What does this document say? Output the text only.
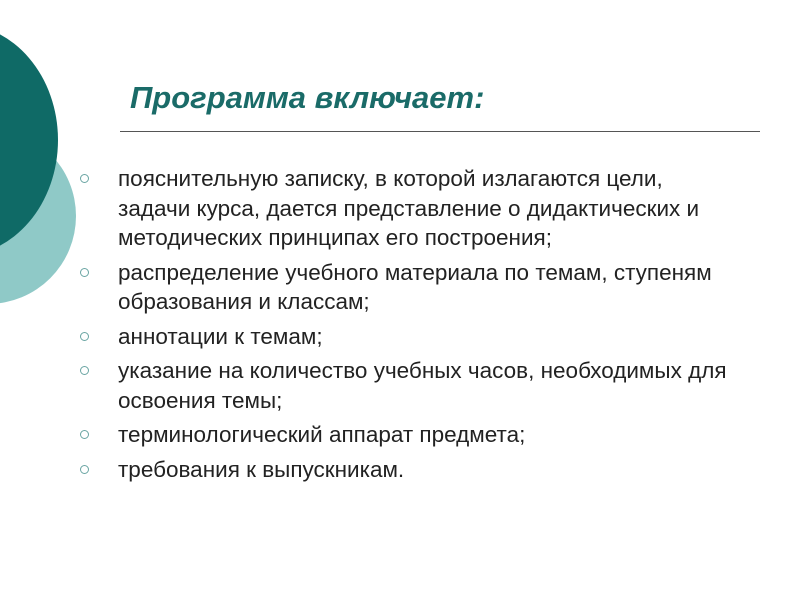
Программа включает:
пояснительную записку, в которой излагаются цели, задачи курса, дается представление о дидактических и методических принципах его построения;
распределение учебного материала по темам, ступеням образования и классам;
аннотации к темам;
указание на количество учебных часов, необходимых для освоения темы;
терминологический аппарат предмета;
требования к выпускникам.
